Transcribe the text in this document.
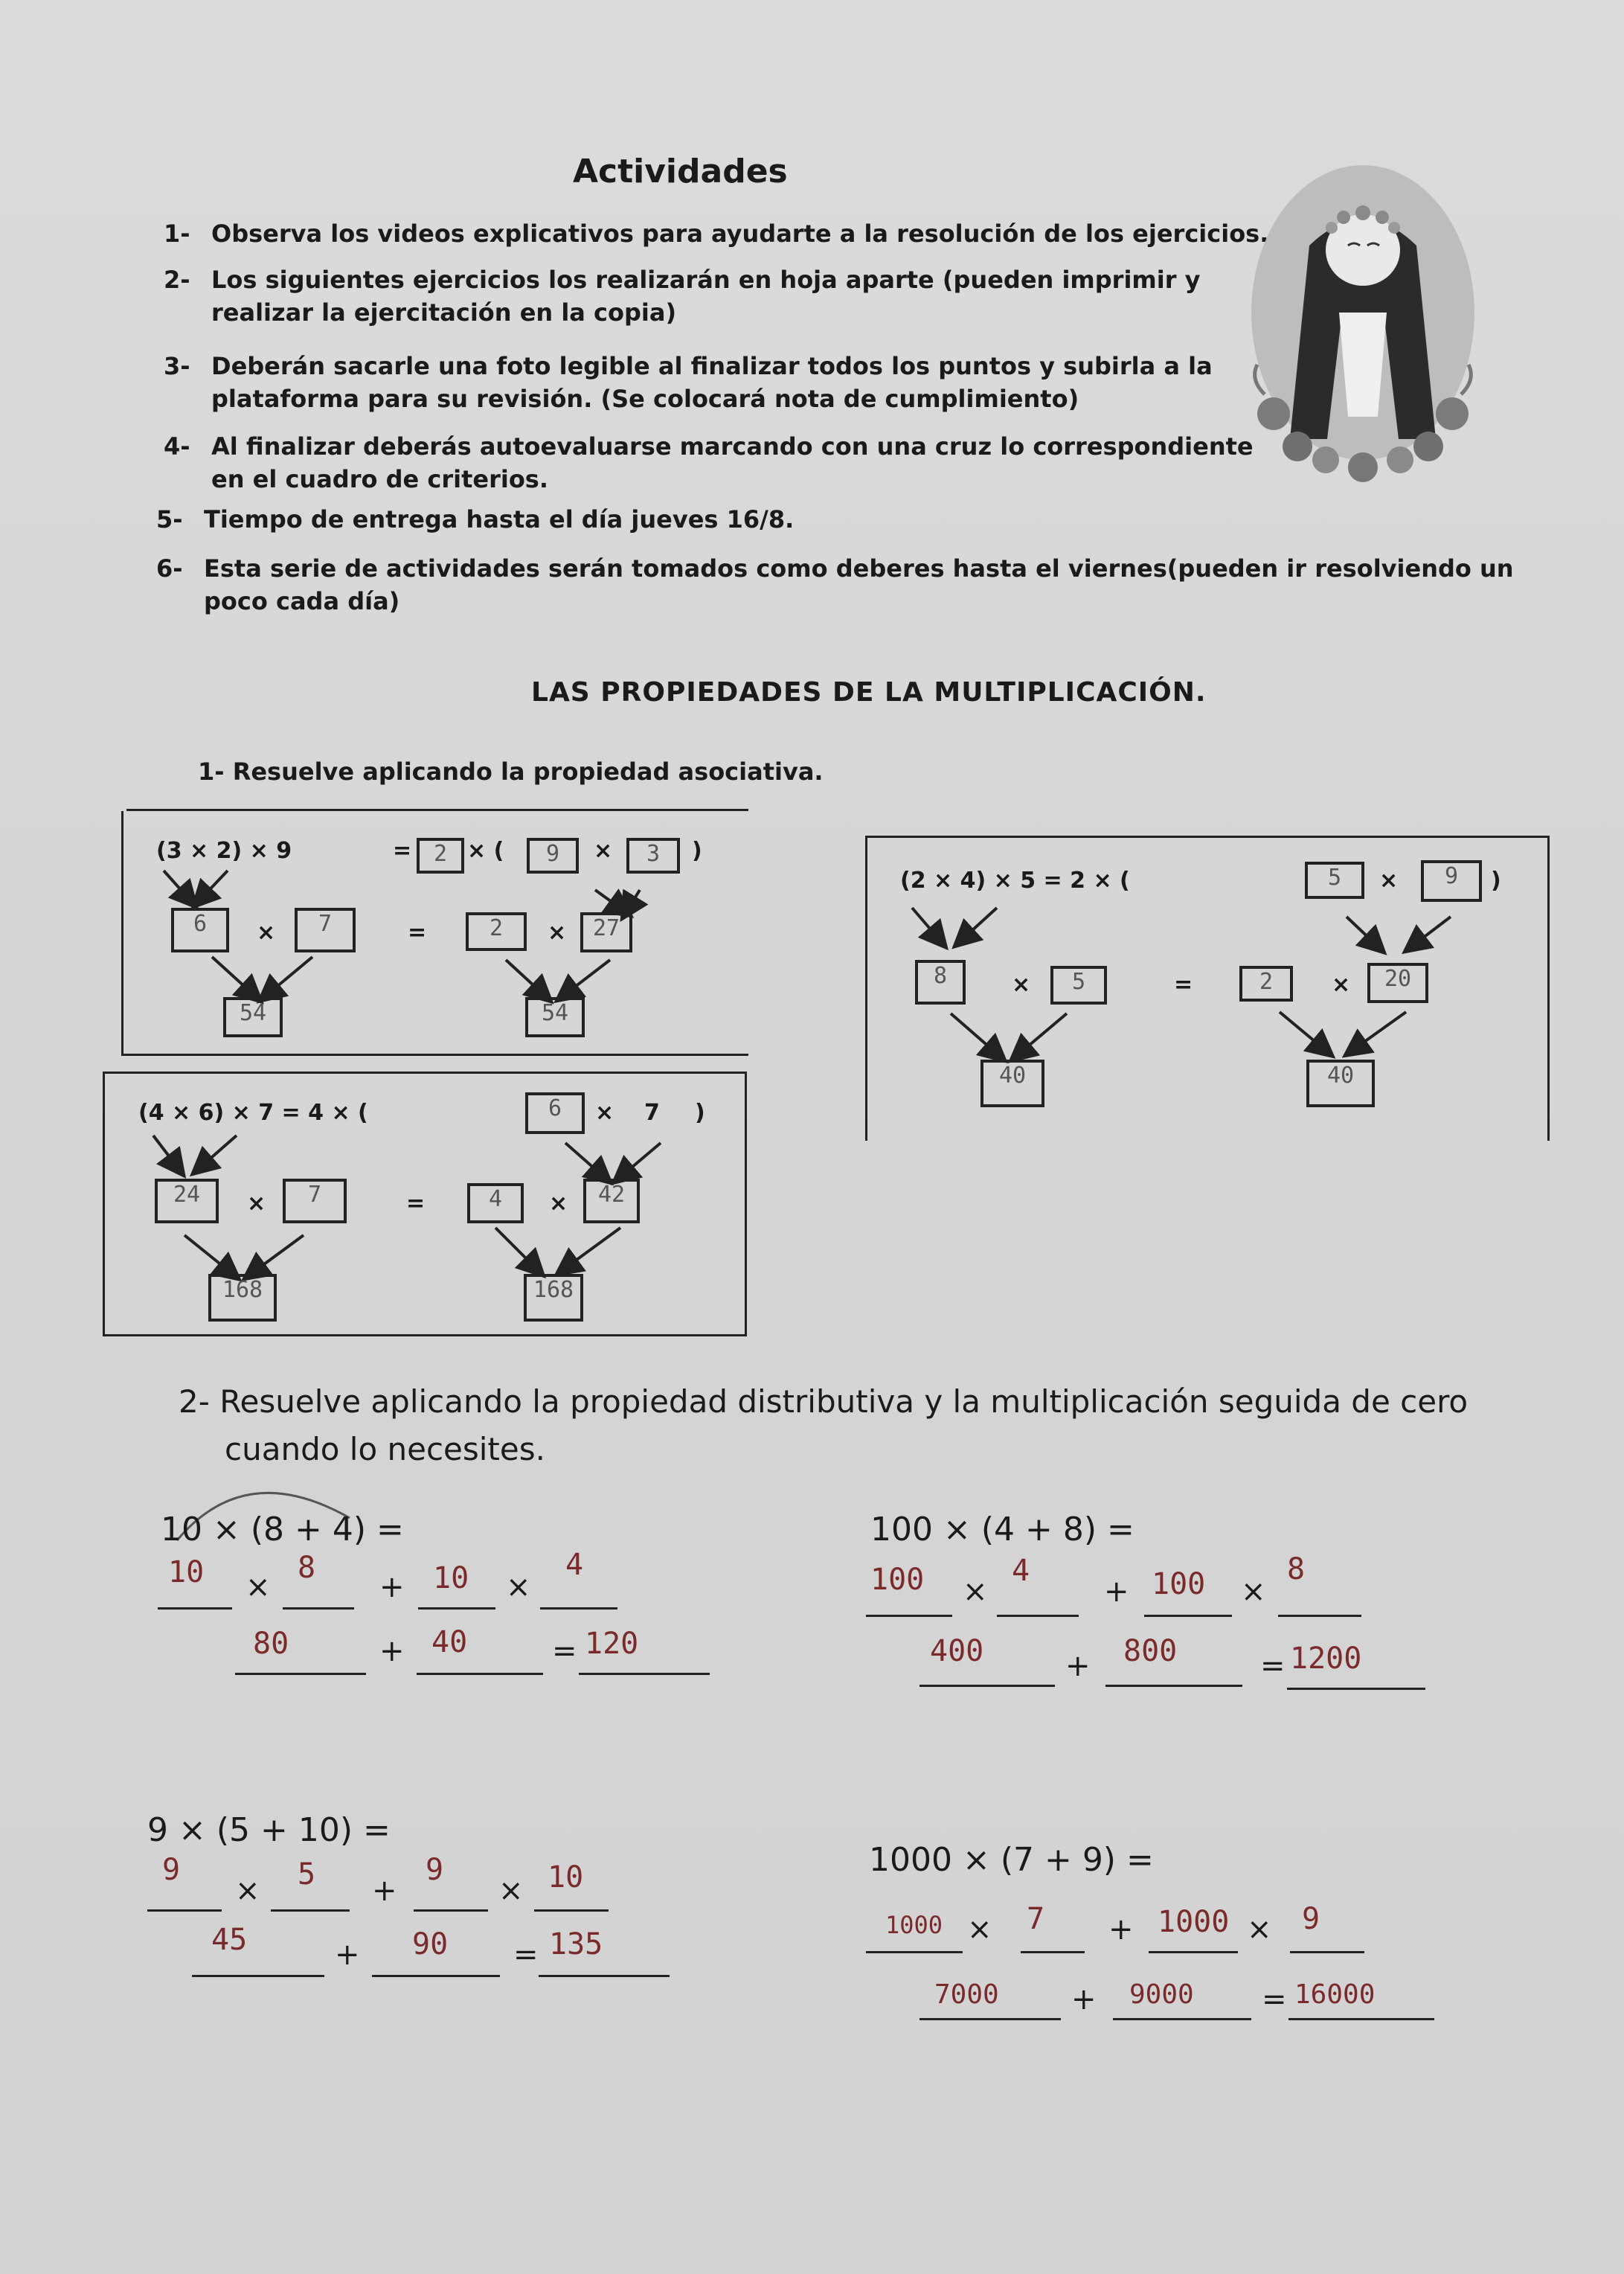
Actividades
1- Observa los videos explicativos para ayudarte a la resolución de los ejercicios.
2- Los siguientes ejercicios los realizarán en hoja aparte (pueden imprimir y
realizar la ejercitación en la copia)
3- Deberán sacarle una foto legible al finalizar todos los puntos y subirla a la
plataforma para su revisión. (Se colocará nota de cumplimiento)
4- Al finalizar deberás autoevaluarse marcando con una cruz lo correspondiente
en el cuadro de criterios.
5- Tiempo de entrega hasta el día jueves 16/8.
6- Esta serie de actividades serán tomados como deberes hasta el viernes(pueden ir resolviendo un
poco cada día)
LAS PROPIEDADES DE LA MULTIPLICACIÓN.
1- Resuelve aplicando la propiedad asociativa.
(3 × 2) × 9	= 2 × (	9	×	3	)
6	×	7	=	2	×	27
54	54
(2 × 4) × 5 = 2 × (	5	×	9	)
8	×	5	=	2	×	20
40	40
(4 × 6) × 7 = 4 × (	6	× 7 )
24	×	7	=	4	×	42
168	168
2- Resuelve aplicando la propiedad distributiva y la multiplicación seguida de cero
cuando lo necesites.
10 × (8 + 4) =
10 ×
8
+ 10 ×
4
80	+ 40	= 120
100 × (4 + 8) =
100 ×
4
+ 100 ×
8
400	+ 800	= 1200
9 × (5 + 10) =
9
× 5 +
9
× 10
45	+ 90 = 135
1000 × (7 + 9) =
1000 × 7 + 1000 × 9
7000 + 9000 = 16000
